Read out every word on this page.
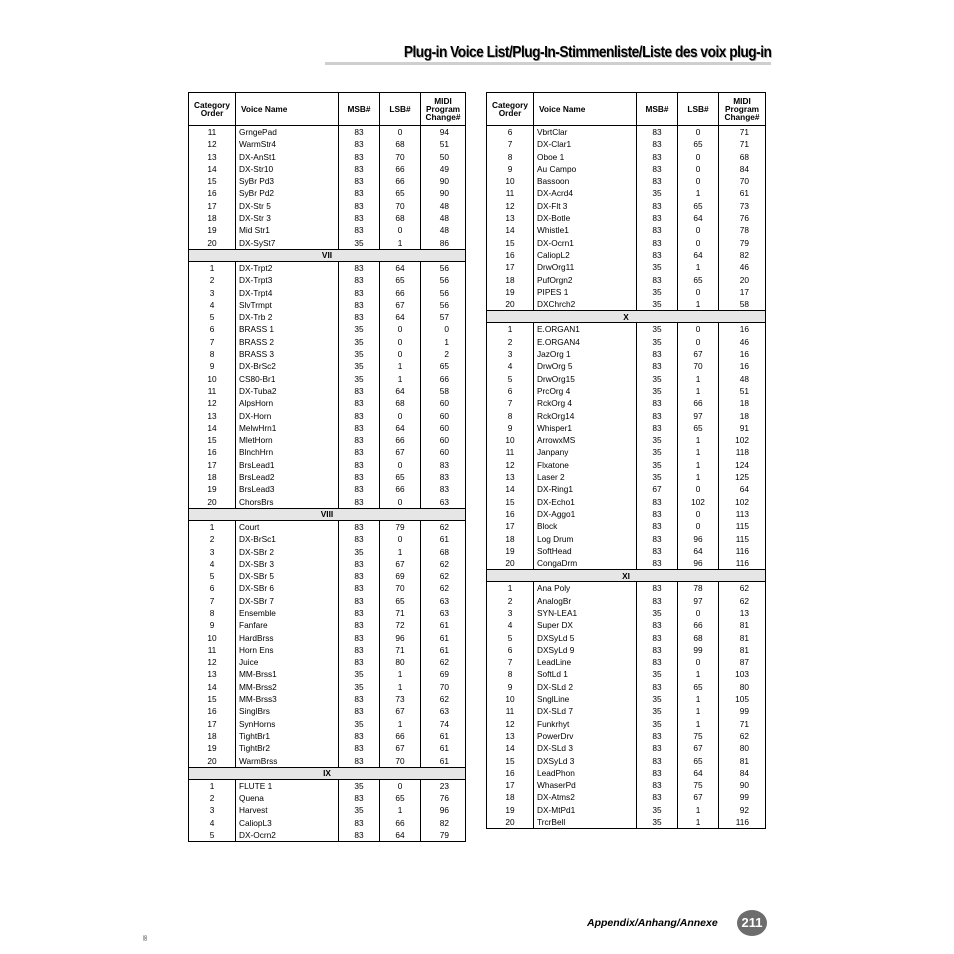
Plug-in Voice List/Plug-In-Stimmenliste/Liste des voix plug-in
Category
Order	Voice Name	MSB#	LSB#	MIDI
Program
Change#
11	GrngePad	83	0	94
12	WarmStr4	83	68	51
13	DX-AnSt1	83	70	50
14	DX-Str10	83	66	49
15	SyBr Pd3	83	66	90
16	SyBr Pd2	83	65	90
17	DX-Str 5	83	70	48
18	DX-Str 3	83	68	48
19	Mid Str1	83	0	48
20	DX-SySt7	35	1	86
VII				
1	DX-Trpt2	83	64	56
2	DX-Trpt3	83	65	56
3	DX-Trpt4	83	66	56
4	SlvTrmpt	83	67	56
5	DX-Trb 2	83	64	57
6	BRASS 1	35	0	0
7	BRASS 2	35	0	1
8	BRASS 3	35	0	2
9	DX-BrSc2	35	1	65
10	CS80-Br1	35	1	66
11	DX-Tuba2	83	64	58
12	AlpsHorn	83	68	60
13	DX-Horn	83	0	60
14	MelwHrn1	83	64	60
15	MletHorn	83	66	60
16	BlnchHrn	83	67	60
17	BrsLead1	83	0	83
18	BrsLead2	83	65	83
19	BrsLead3	83	66	83
20	ChorsBrs	83	0	63
VIII				
1	Court	83	79	62
2	DX-BrSc1	83	0	61
3	DX-SBr 2	35	1	68
4	DX-SBr 3	83	67	62
5	DX-SBr 5	83	69	62
6	DX-SBr 6	83	70	62
7	DX-SBr 7	83	65	63
8	Ensemble	83	71	63
9	Fanfare	83	72	61
10	HardBrss	83	96	61
11	Horn Ens	83	71	61
12	Juice	83	80	62
13	MM-Brss1	35	1	69
14	MM-Brss2	35	1	70
15	MM-Brss3	83	73	62
16	SinglBrs	83	67	63
17	SynHorns	35	1	74
18	TightBr1	83	66	61
19	TightBr2	83	67	61
20	WarmBrss	83	70	61
IX				
1	FLUTE 1	35	0	23
2	Quena	83	65	76
3	Harvest	35	1	96
4	CaliopL3	83	66	82
5	DX-Ocrn2	83	64	79
Category
Order	Voice Name	MSB#	LSB#	MIDI
Program
Change#
6	VbrtClar	83	0	71
7	DX-Clar1	83	65	71
8	Oboe 1	83	0	68
9	Au Campo	83	0	84
10	Bassoon	83	0	70
11	DX-Acrd4	35	1	61
12	DX-Flt 3	83	65	73
13	DX-Botle	83	64	76
14	Whistle1	83	0	78
15	DX-Ocrn1	83	0	79
16	CaliopL2	83	64	82
17	DrwOrg11	35	1	46
18	PufOrgn2	83	65	20
19	PIPES 1	35	0	17
20	DXChrch2	35	1	58
X				
1	E.ORGAN1	35	0	16
2	E.ORGAN4	35	0	46
3	JazOrg 1	83	67	16
4	DrwOrg 5	83	70	16
5	DrwOrg15	35	1	48
6	PrcOrg 4	35	1	51
7	RckOrg 4	83	66	18
8	RckOrg14	83	97	18
9	Whisper1	83	65	91
10	ArrowxMS	35	1	102
11	Janpany	35	1	118
12	Flxatone	35	1	124
13	Laser 2	35	1	125
14	DX-Ring1	67	0	64
15	DX-Echo1	83	102	102
16	DX-Aggo1	83	0	113
17	Block	83	0	115
18	Log Drum	83	96	115
19	SoftHead	83	64	116
20	CongaDrm	83	96	116
XI				
1	Ana Poly	83	78	62
2	AnalogBr	83	97	62
3	SYN-LEA1	35	0	13
4	Super DX	83	66	81
5	DXSyLd 5	83	68	81
6	DXSyLd 9	83	99	81
7	LeadLine	83	0	87
8	SoftLd 1	35	1	103
9	DX-SLd 2	83	65	80
10	SnglLine	35	1	105
11	DX-SLd 7	35	1	99
12	Funkrhyt	35	1	71
13	PowerDrv	83	75	62
14	DX-SLd 3	83	67	80
15	DXSyLd 3	83	65	81
16	LeadPhon	83	64	84
17	WhaserPd	83	75	90
18	DX-Atms2	83	67	99
19	DX-MtPd1	35	1	92
20	TrcrBell	35	1	116
Appendix/Anhang/Annexe	211
88
